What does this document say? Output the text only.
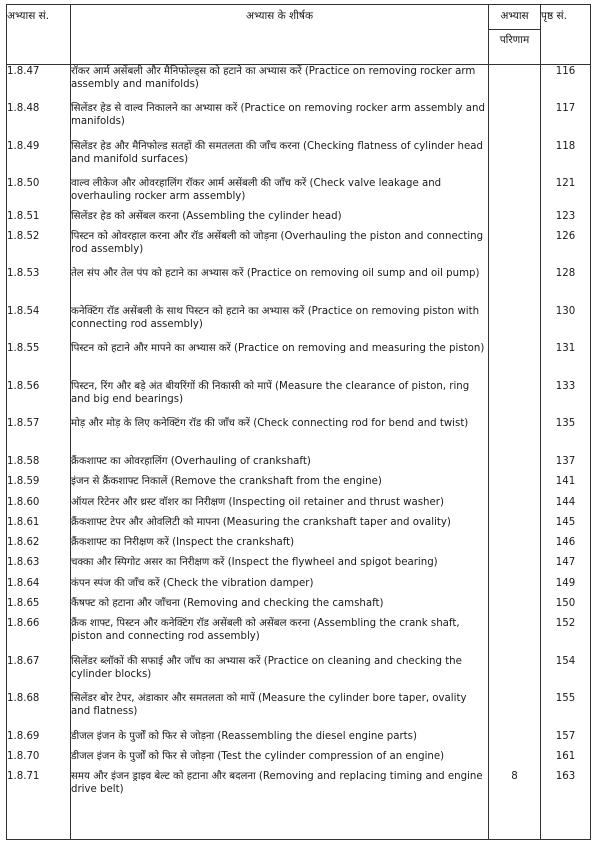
अभ्यास सं.	अभ्यास के शीर्षक	अभ्यास
परिणाम	पृष्ठ सं.
1.8.47	रॉकर आर्म असेंबली और मैनिफोल्ड्स को हटाने का अभ्यास करें (Practice on removing rocker arm assembly and manifolds)		116
1.8.48	सिलेंडर हेड से वाल्व निकालने का अभ्यास करें (Practice on removing rocker arm assembly and manifolds)		117
1.8.49	सिलेंडर हेड और मैनिफोल्ड सतहों की समतलता की जाँच करना (Checking flatness of cylinder head and manifold surfaces)		118
1.8.50	वाल्व लीकेज और ओवरहालिंग रॉकर आर्म असेंबली की जाँच करें (Check valve leakage and overhauling rocker arm assembly)		121
1.8.51	सिलेंडर हेड को असेंबल करना (Assembling the cylinder head)		123
1.8.52	पिस्टन को ओवरहाल करना और रॉड असेंबली को जोड़ना (Overhauling the piston and connecting rod assembly)		126
1.8.53	तेल संप और तेल पंप को हटाने का अभ्यास करें (Practice on removing oil sump and oil pump)		128
1.8.54	कनेक्टिंग रॉड असेंबली के साथ पिस्टन को हटाने का अभ्यास करें (Practice on removing piston with connecting rod assembly)		130
1.8.55	पिस्टन को हटाने और मापने का अभ्यास करें (Practice on removing and measuring the piston)		131
1.8.56	पिस्टन, रिंग और बड़े अंत बीयरिंगों की निकासी को मापें (Measure the clearance of piston, ring and big end bearings)		133
1.8.57	मोड़ और मोड़ के लिए कनेक्टिंग रॉड की जाँच करें (Check connecting rod for bend and twist)		135
1.8.58	क्रैंकशाफ्ट का ओवरहालिंग (Overhauling of crankshaft)		137
1.8.59	इंजन से क्रैंकशाफ्ट निकालें (Remove the crankshaft from the engine)		141
1.8.60	ऑयल रिटेनर और थ्रस्ट वॉशर का निरीक्षण (Inspecting oil retainer and thrust washer)		144
1.8.61	क्रैंकशाफ्ट टेपर और ओवलिटी को मापना (Measuring the crankshaft taper and ovality)		145
1.8.62	क्रैंकशाफ्ट का निरीक्षण करें (Inspect the crankshaft)		146
1.8.63	चक्का और स्पिगोट असर का निरीक्षण करें (Inspect the flywheel and spigot bearing)		147
1.8.64	कंपन स्पंज की जाँच करें (Check the vibration damper)		149
1.8.65	कैंषफ्ट को हटाना और जाँचना (Removing and checking the camshaft)		150
1.8.66	क्रैंक शाफ्ट, पिस्टन और कनेक्टिंग रॉड असेंबली को असेंबल करना (Assembling the crank shaft, piston and connecting rod assembly)		152
1.8.67	सिलेंडर ब्लॉकों की सफाई और जाँच का अभ्यास करें (Practice on cleaning and checking the cylinder blocks)		154
1.8.68	सिलेंडर बोर टेपर, अंडाकार और समतलता को मापें (Measure the cylinder bore taper, ovality and flatness)		155
1.8.69	डीजल इंजन के पुर्जों को फिर से जोड़ना (Reassembling the diesel engine parts)		157
1.8.70	डीजल इंजन के पुर्जों को फिर से जोड़ना (Test the cylinder compression of an engine)		161
1.8.71	समय और इंजन ड्राइव बेल्ट को हटाना और बदलना (Removing and replacing timing and engine drive belt)	8	163
